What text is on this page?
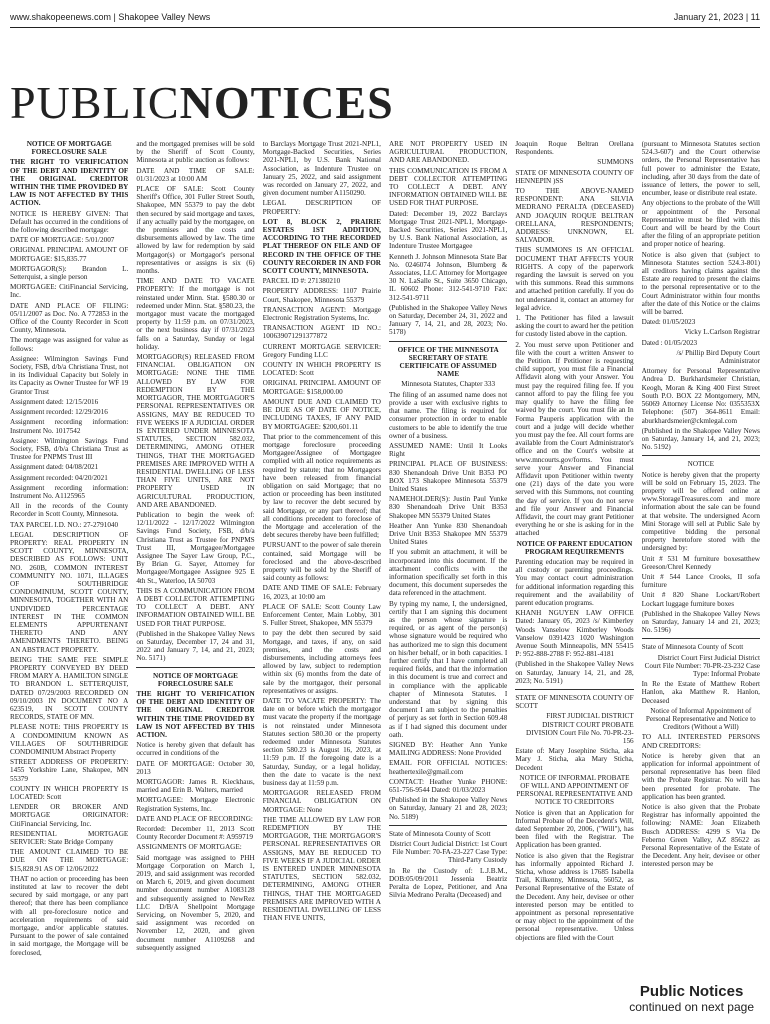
www.shakopeenews.com | Shakopee Valley News	January 21, 2023 | 11
PUBLICNOTICES

NOTICE OF MORTGAGE FORECLOSURE SALE

THE RIGHT TO VERIFICATION OF THE DEBT AND IDENTITY OF THE ORIGINAL CREDITOR WITHIN THE TIME PROVIDED BY LAW IS NOT AFFECTED BY THIS ACTION.

NOTICE IS HEREBY GIVEN: That Default has occurred in the conditions of the following described mortgage:

DATE OF MORTGAGE: 5/01/2007

ORIGINAL PRINCIPAL AMOUNT OF MORTGAGE: $15,835.77

MORTGAGOR(S): Brandon L. Setterquist, a single person

MORTGAGEE: CitiFinancial Servicing, Inc.

DATE AND PLACE OF FILING: 05/11/2007 as Doc. No. A 772853 in the Office of the County Recorder in Scott County, Minnesota.

The mortgage was assigned for value as follows:

Assignee: Wilmington Savings Fund Society, FSB, d/b/a Christiana Trust, not in its Individual Capacity but Solely in its Capacity as Owner Trustee for WF 19 Grantor Trust

Assignment dated: 12/15/2016

Assignment recorded: 12/29/2016

Assignment recording information: Instrument No. 1017542

Assignee: Wilmington Savings Fund Society, FSB, d/b/a Christiana Trust as Trustee for PNPMS Trust III

Assignment dated: 04/08/2021

Assignment recorded: 04/20/2021

Assignment recording information: Instrument No. A1125965

All in the records of the County Recorder in Scott County, Minnesota.

TAX PARCEL I.D. NO.: 27-2791040

LEGAL DESCRIPTION OF PROPERTY: REAL PROPERTY IN SCOTT COUNTY, MINNESOTA, DESCRIBED AS FOLLOWS: UNIT NO. 260B, COMMON INTEREST COMMUNITY NO. 1071, ILLAGES OF SOUTHBRIDGE CONDOMINIUM, SCOTT COUNTY, MINNESOTA, TOGETHER WITH AN UNDIVIDED PERCENTAGE INTEREST IN THE COMMON ELEMENTS APPURTENANT THERETO AND ANY AMENDMENTS THERETO. BEING AN ABSTRACT PROPERTY.

BEING THE SAME FEE SIMPLE PROPERTY CONVEYED BY DEED FROM MARY A. HAMILTON SINGLE TO BRANDON L. SETTERQUIST, DATED 07/29/2003 RECORDED ON 09/10/2003 IN DOCUMENT NO A 623519, IN SCOTT COUNTY RECORDS, STATE OF MN.

PLEASE NOTE: THIS PROPERTY IS A CONDOMINIUM KNOWN AS VILLAGES OF SOUTHBRIDGE CONDOMINIUM Abstract Property

STREET ADDRESS OF PROPERTY: 1455 Yorkshire Lane, Shakopee, MN 55379

COUNTY IN WHICH PROPERTY IS LOCATED: Scott

LENDER OR BROKER AND MORTGAGE ORIGINATOR: CitiFinancial Servicing, Inc.

RESIDENTIAL MORTGAGE SERVICER: State Bridge Company

THE AMOUNT CLAIMED TO BE DUE ON THE MORTGAGE: $15,828.91 AS OF 12/06/2022

THAT no action or proceeding has been instituted at law to recover the debt secured by said mortgage, or any part thereof; that there has been compliance with all pre-foreclosure notice and acceleration requirements of said mortgage, and/or applicable statutes. Pursuant to the power of sale contained in said mortgage, the Mortgage will be foreclosed,

and the mortgaged premises will be sold by the Sheriff of Scott County, Minnesota at public auction as follows:

DATE AND TIME OF SALE: 01/31/2023 at 10:00 AM

PLACE OF SALE: Scott County Sheriff's Office, 301 Fuller Street South, Shakopee, MN 55379 to pay the debt then secured by said mortgage and taxes, if any actually paid by the mortgagee, on the premises and the costs and disbursements allowed by law. The time allowed by law for redemption by said Mortgagor(s) or Mortgagor's personal representatives or assigns is six (6) months.

TIME AND DATE TO VACATE PROPERTY: If the mortgage is not reinstated under Minn. Stat. §580.30 or redeemed under Minn. Stat. §580.23, the mortgagor must vacate the mortgaged property by 11:59 p.m. on 07/31/2023, or the next business day if 07/31/2023 falls on a Saturday, Sunday or legal holiday.

MORTGAGOR(S) RELEASED FROM FINANCIAL OBLIGATION ON MORTGAGE: NONE THE TIME ALLOWED BY LAW FOR REDEMPTION BY THE MORTGAGOR, THE MORTGAGOR'S PERSONAL REPRESENTATIVES OR ASSIGNS, MAY BE REDUCED TO FIVE WEEKS IF A JUDICIAL ORDER IS ENTERED UNDER MINNESOTA STATUTES, SECTION 582.032, DETERMINING, AMONG OTHER THINGS, THAT THE MORTGAGED PREMISES ARE IMPROVED WITH A RESIDENTIAL DWELLING OF LESS THAN FIVE UNITS, ARE NOT PROPERTY USED IN AGRICULTURAL PRODUCTION, AND ARE ABANDONED.

Publication to begin the week of: 12/11/2022 - 12/17/2022 Wilmington Savings Fund Society, FSB, d/b/a Christiana Trust as Trustee for PNPMS Trust III, Mortgagee/Mortgagee Assignee The Sayer Law Group, P.C., By Brian G. Sayer, Attorney for Mortgagee/Mortgagee Assignee 925 E 4th St., Waterloo, IA 50703

THIS IS A COMMUNICATION FROM A DEBT COLLECTOR ATTEMPTING TO COLLECT A DEBT. ANY INFORMATION OBTAINED WILL BE USED FOR THAT PURPOSE.

(Published in the Shakopee Valley News on Saturday, December 17, 24 and 31, 2022 and January 7, 14, and 21, 2023; No. 5171)

NOTICE OF MORTGAGE FORECLOSURE SALE

THE RIGHT TO VERIFICATION OF THE DEBT AND IDENTITY OF THE ORIGINAL CREDITOR WITHIN THE TIME PROVIDED BY LAW IS NOT AFFECTED BY THIS ACTION.

Notice is hereby given that default has occurred in conditions of the

DATE OF MORTGAGE: October 30, 2013

MORTGAGOR: James R. Kieckhaus, married and Erin B. Walters, married

MORTGAGEE: Mortgage Electronic Registration Systems, Inc.

DATE AND PLACE OF RECORDING:

Recorded: December 11, 2013 Scott County Recorder Document #: A959719

ASSIGNMENTS OF MORTGAGE:

Said mortgage was assigned to PHH Mortgage Corporation on March 1, 2019, and said assignment was recorded on March 6, 2019, and given document number document number A1083128 and subsequently assigned to NewRez LLC D/B/A Shellpoint Mortgage Servicing, on November 5, 2020, and said assignment was recorded on November 12, 2020, and given document number A1109268 and subsequently assigned

to Barclays Mortgage Trust 2021-NPL1, Mortgage-Backed Securities, Series 2021-NPL1, by U.S. Bank National Association, as Indenture Trustee on January 25, 2022, and said assignment was recorded on January 27, 2022, and given document number A1150290.

LEGAL DESCRIPTION OF PROPERTY:

LOT 8, BLOCK 2, PRAIRIE ESTATES 1ST ADDITION, ACCORDING TO THE RECORDED PLAT THEREOF ON FILE AND OF RECORD IN THE OFFICE OF THE COUNTY RECORDER IN AND FOR SCOTT COUNTY, MINNESOTA.

PARCEL ID #: 271380210

PROPERTY ADDRESS: 1107 Prairie Court, Shakopee, Minnesota 55379

TRANSACTION AGENT: Mortgage Electronic Registration Systems, Inc.

TRANSACTION AGENT ID NO.: 100639071291377872

CURRENT MORTGAGE SERVICER: Gregory Funding LLC

COUNTY IN WHICH PROPERTY IS LOCATED: Scott

ORIGINAL PRINCIPAL AMOUNT OF MORTGAGE: $158,000.00

AMOUNT DUE AND CLAIMED TO BE DUE AS OF DATE OF NOTICE, INCLUDING TAXES, IF ANY PAID BY MORTGAGEE: $200,601.11

That prior to the commencement of this mortgage foreclosure proceeding Mortgagee/Assignee of Mortgagee complied with all notice requirements as required by statute; that no Mortgagors have been released from financial obligation on said Mortgage; that no action or proceeding has been instituted by law to recover the debt secured by said Mortgage, or any part thereof; that all conditions precedent to foreclose of the Mortgage and acceleration of the debt secures thereby have been fulfilled;

PURSUANT to the power of sale therein contained, said Mortgage will be foreclosed and the above-described property will be sold by the Sheriff of said county as follows:

DATE AND TIME OF SALE: February 16, 2023, at 10:00 am

PLACE OF SALE: Scott County Law Enforcement Center, Main Lobby, 301 S. Fuller Street, Shakopee, MN 55379

to pay the debt then secured by said Mortgage, and taxes, if any, on said premises, and the costs and disbursements, including attorneys fees allowed by law, subject to redemption within six (6) months from the date of sale by the mortgagor, their personal representatives or assigns.

DATE TO VACATE PROPERTY: The date on or before which the mortgagor must vacate the property if the mortgage is not reinstated under Minnesota Statutes section 580.30 or the property redeemed under Minnesota Statutes section 580.23 is August 16, 2023, at 11:59 p.m. If the foregoing date is a Saturday, Sunday, or a legal holiday, then the date to vacate is the next business day at 11:59 p.m.

MORTGAGOR RELEASED FROM FINANCIAL OBLIGATION ON MORTGAGE: None

THE TIME ALLOWED BY LAW FOR REDEMPTION BY THE MORTGAGOR, THE MORTGAGOR'S PERSONAL REPRESENTATIVES OR ASSIGNS, MAY BE REDUCED TO FIVE WEEKS IF A JUDICIAL ORDER IS ENTERED UNDER MINNESOTA STATUTES, SECTION 582.032, DETERMINING, AMONG OTHER THINGS, THAT THE MORTGAGED PREMISES ARE IMPROVED WITH A RESIDENTIAL DWELLING OF LESS THAN FIVE UNITS,

ARE NOT PROPERTY USED IN AGRICULTURAL PRODUCTION, AND ARE ABANDONED.

THIS COMMUNICATION IS FROM A DEBT COLLECTOR ATTEMPTING TO COLLECT A DEBT. ANY INFORMATION OBTAINED WILL BE USED FOR THAT PURPOSE.

Dated: December 19, 2022 Barclays Mortgage Trust 2021-NPL1, Mortgage-Backed Securities, Series 2021-NPL1, by U.S. Bank National Association, as Indenture Trustee Mortgagee

Kenneth J. Johnson Minnesota State Bar No. 0246074 Johnson, Blumberg & Associates, LLC Attorney for Mortgagee 30 N. LaSalle St., Suite 3650 Chicago, IL 60602 Phone: 312-541-9710 Fax: 312-541-9711

(Published in the Shakopee Valley News on Saturday, December 24, 31, 2022 and January 7, 14, 21, and 28, 2023; No. 5178)

OFFICE OF THE MINNESOTA SECRETARY OF STATE CERTIFICATE OF ASSUMED NAME

Minnesota Statutes, Chapter 333

The filing of an assumed name does not provide a user with exclusive rights to that name. The filing is required for consumer protection in order to enable customers to be able to identify the true owner of a business.

ASSUMED NAME: Until It Looks Right

PRINCIPAL PLACE OF BUSINESS: 830 Shenandoah Drive Unit B353 PO BOX 173 Shakopee Minnesota 55379 United States

NAMEHOLDER(S): Justin Paul Yunke 830 Shenandoah Drive Unit B353 Shakopee MN 55379 United States

Heather Ann Yunke 830 Shenandoah Drive Unit B353 Shakopee MN 55379 United States

If you submit an attachment, it will be incorporated into this document. If the attachment conflicts with the information specifically set forth in this document, this document supersedes the data referenced in the attachment.

By typing my name, I, the undersigned, certify that I am signing this document as the person whose signature is required, or as agent of the person(s) whose signature would be required who has authorized me to sign this document on his/her behalf, or in both capacities. I further certify that I have completed all required fields, and that the information in this document is true and correct and in compliance with the applicable chapter of Minnesota Statutes. I understand that by signing this document I am subject to the penalties of perjury as set forth in Section 609.48 as if I had signed this document under oath.

SIGNED BY: Heather Ann Yunke MAILING ADDRESS: None Provided

EMAIL FOR OFFICIAL NOTICES: heathertexile@gmail.com

CONTACT: Heather Yunke PHONE: 651-756-9544 Dated: 01/03/2023

(Published in the Shakopee Valley News on Saturday, January 21 and 28, 2023; No. 5189)

State of Minnesota County of Scott

District Court Judicial District: 1st Court File Number: 70-FA-23-227 Case Type: Third-Party Custody

In Re the Custody of: L.J.B.M., DOB:05/09/2011 Jessenia Beatriz Peralta de Lopez, Petitioner, and Ana Silvia Medrano Peralta (Deceased) and

Joaquin Roque Beltran Orellana Respondents.

SUMMONS

STATE OF MINNESOTA COUNTY OF HENNEPIN )SS

TO THE ABOVE-NAMED RESPONDENT: ANA SILVIA MEDRANO PERALTA (DECEASED) AND JOAQUIN ROQUE BELTRAN ORELLANA, RESPONDENTS; ADDRESS: UNKNOWN, EL SALVADOR.

THIS SUMMONS IS AN OFFICIAL DOCUMENT THAT AFFECTS YOUR RIGHTS. A copy of the paperwork regarding the lawsuit is served on you with this summons. Read this summons and attached petition carefully. If you do not understand it, contact an attorney for legal advice.

1. The Petitioner has filed a lawsuit asking the court to award her the petition for custody listed above in the caption.

2. You must serve upon Petitioner and file with the court a written Answer to the Petition. If Petitioner is requesting child support, you must file a Financial Affidavit along with your Answer. You must pay the required filing fee. If you cannot afford to pay the filing fee you may qualify to have the filing fee waived by the court. You must file an In Forma Pauperis application with the court and a judge will decide whether you must pay the fee. All court forms are available from the Court Administrator's office and on the Court's website at www.mncourts.gov/forms. You must serve your Answer and Financial Affidavit upon Petitioner within twenty one (21) days of the date you were served with this Summons, not counting the day of service. If you do not serve and file your Answer and Financial Affidavit, the court may grant Petitioner everything he or she is asking for in the attached

NOTICE OF PARENT EDUCATION PROGRAM REQUIREMENTS

Parenting education may be required in all custody or parenting proceedings. You may contact court administration for additional information regarding this requirement and the availability of parent education programs.

KHANH NGUYEN LAW OFFICE Dated: January 05, 2023 /s/ Kimberley Woods Vanselow Kimberley Woods Vanselow 0391423 1020 Washington Avenue South Minneapolis, MN 55415 P: 952-888-2788 F: 952-881-4181

(Published in the Shakopee Valley News on Saturday, January 14, 21, and 28, 2023; No. 5191)

STATE OF MINNESOTA COUNTY OF SCOTT

FIRST JUDICIAL DISTRICT DISTRICT COURT PROBATE DIVISION Court File No. 70-PR-23-156

Estate of: Mary Josephine Sticha, aka Mary J. Sticha, aka Mary Sticha, Decedent

NOTICE OF INFORMAL PROBATE OF WILL AND APPOINTMENT OF PERSONAL REPRESENTATIVE AND NOTICE TO CREDITORS

Notice is given that an Application for Informal Probate of the Decedent's Will, dated September 20, 2006, ("Will"), has been filed with the Registrar. The Application has been granted.

Notice is also given that the Registrar has informally appointed Richard J. Sticha, whose address is 17685 Isabella Trail, Kilkenny, Minnesota, 56052, as Personal Representative of the Estate of the Decedent. Any heir, devisee or other interested person may be entitled to appointment as personal representative or may object to the appointment of the personal representative. Unless objections are filed with the Court

(pursuant to Minnesota Statutes section 524.3-607) and the Court otherwise orders, the Personal Representative has full power to administer the Estate, including, after 30 days from the date of issuance of letters, the power to sell, encumber, lease or distribute real estate.

Any objections to the probate of the Will or appointment of the Personal Representative must be filed with this Court and will be heard by the Court after the filing of an appropriate petition and proper notice of hearing.

Notice is also given that (subject to Minnesota Statutes section 524.3-801) all creditors having claims against the Estate are required to present the claims to the personal representative or to the Court Administrator within four months after the date of this Notice or the claims will be barred.

Dated: 01/05/2023

Vicky L.Carlson Registrar

Dated : 01/05/2023

/s/ Phillip Bird Deputy Court Administrator

Attorney for Personal Representative Andrea D. Burkhardsmeier Christian, Keogh, Moran & King 400 First Street South P.O. BOX 22 Montgomery, MN, 56069 Attorney License No: 0355353X Telephone: (507) 364-8611 Email: aburkhardsmeier@ckmlegal.com

(Published in the Shakopee Valley News on Saturday, January 14, and 21, 2023; No. 5192)

NOTICE

Notice is hereby given that the property will be sold on February 15, 2023. The property will be offered online at www.StorageTreasures.com and more information about the sale can be found at that website. The undersigned Acorn Mini Storage will sell at Public Sale by competitive bidding the personal property heretofore stored with the undersigned by:

Unit # 531 M furniture boxesatthew Greeson/Chrel Kennedy

Unit # 544 Lance Crooks, II sofa furniture

Unit # 820 Shane Lockart/Robert Lockart luggage furniture boxes

(Published in the Shakopee Valley News on Saturday, January 14 and 21, 2023; No. 5196)

State of Minnesota County of Scott

District Court First Judicial District Court File Number: 70-PR-23-232 Case Type: Informal Probate

In Re the Estate of Matthew Robert Hanlon, aka Matthew R. Hanlon, Deceased

Notice of Informal Appointment of Personal Representative and Notice to Creditors (Without a Will)

TO ALL INTERESTED PERSONS AND CREDITORS:

Notice is hereby given that an application for informal appointment of personal representative has been filed with the Probate Registrar. No will has been presented for probate. The application has been granted.

Notice is also given that the Probate Registrar has informally appointed the following: NAME: Joan Elizabeth Busch ADDRESS: 4299 S Via De Feberno Green Valley, AZ 85622 as Personal Representative of the Estate of the Decedent. Any heir, devisee or other interested person may be

Public Notices
continued on next page
